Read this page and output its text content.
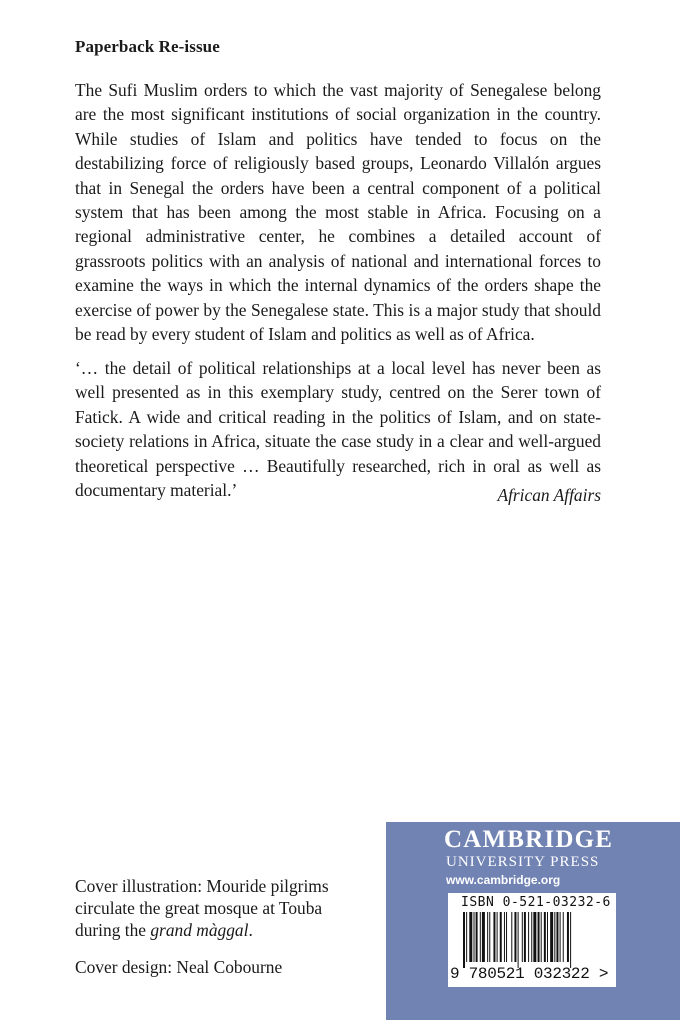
Paperback Re-issue

The Sufi Muslim orders to which the vast majority of Senegalese belong are the most significant institutions of social organization in the country. While studies of Islam and politics have tended to focus on the destabilizing force of religiously based groups, Leonardo Villalón argues that in Senegal the orders have been a central component of a political system that has been among the most stable in Africa. Focusing on a regional administrative center, he combines a detailed account of grassroots politics with an analysis of national and international forces to examine the ways in which the internal dynamics of the orders shape the exercise of power by the Senegalese state. This is a major study that should be read by every student of Islam and politics as well as of Africa.

‘… the detail of political relationships at a local level has never been as well presented as in this exemplary study, centred on the Serer town of Fatick. A wide and critical reading in the politics of Islam, and on state-society relations in Africa, situate the case study in a clear and well-argued theoretical perspective … Beautifully researched, rich in oral as well as documentary material.’	African Affairs
Cover illustration: Mouride pilgrims circulate the great mosque at Touba during the grand màggal.
Cover design: Neal Cobourne
CAMBRIDGE
UNIVERSITY PRESS
www.cambridge.org
ISBN 0-521-03232-6
9 780521 032322 >
